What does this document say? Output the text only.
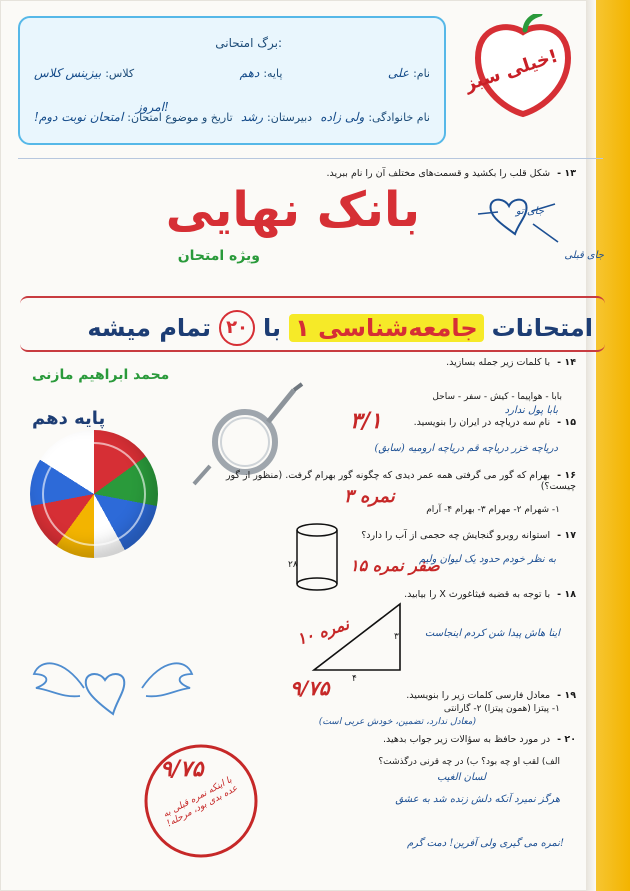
برگ امتحانی:
نام:
علی
پایه:
دهم
کلاس:
بیزینس کلاس
نام خانوادگی:
ولی زاده
دبیرستان:
رشد
تاریخ و موضوع امتحان:
امتحان نوبت دوم!
امروز!
خیلی سبز!
بانک نهایی
ویژه امتحان
امتحانات
جامعه‌شناسی ۱
با
۲۰
تمام میشه
محمد ابراهیم مازنی
پایه دهم
۱۳ - شکل قلب را بکشید و قسمت‌های مختلف آن را نام ببرید.
۱۴ - با کلمات زیر جمله بسازید.
۱۵ - نام سه دریاچه در ایران را بنویسید.
۱۶ - بهرام که گور می گرفتی همه عمر دیدی که چگونه گور بهرام گرفت. (منظور از گور چیست؟)
۱۷ - استوانه روبرو گنجایش چه حجمی از آب را دارد؟
۱۸ - با توجه به قضیه فیثاغورث X را بیابید.
۱۹ - معادل فارسی کلمات زیر را بنویسید.
۲۰ - در مورد حافظ به سؤالات زیر جواب بدهید.
جای تو
جای قبلی
بابا - هواپیما - کیش - سفر - ساحل
بابا پول ندارد
دریاچه خزر دریاچه قم دریاچه ارومیه (سابق)
۱- شهرام ۲- مهرام ۳- بهرام ۴- آرام
۲۸	به نظر خودم حدود یک لیوان ولیم
۳
۴
اینا هاش پیدا شن کردم اینجاست
۱- پیتزا (همون پیتزا) ۲- گارانتی
(معادل ندارد، تضمین، خودش عربی است)
الف) لقب او چه بود؟ ب) در چه قرنی درگذشت؟
لسان الغیب
هرگز نمیرد آنکه دلش زنده شد به عشق
۳/۱
۳ نمره
۱۵ صفر نمره
۱۰ نمره
۹/۷۵
۹/۷۵
با اینکه نمره قبلی به عده بدی بود، مرحله!
نمره می گیری ولی آفرین! دمت گرم!
